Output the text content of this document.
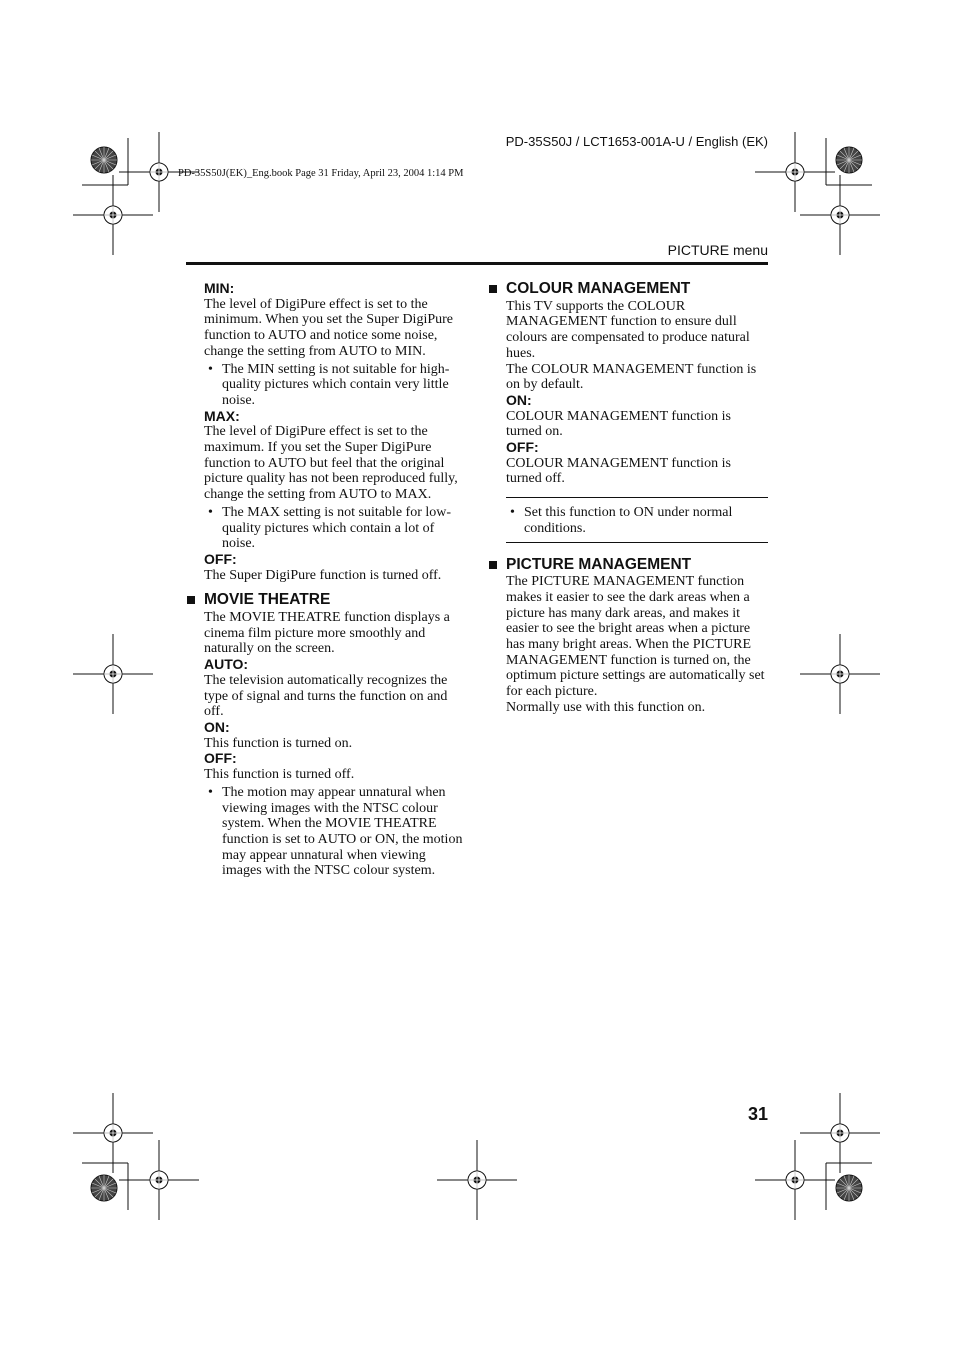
PD-35S50J / LCT1653-001A-U / English (EK)
PD-35S50J(EK)_Eng.book Page 31 Friday, April 23, 2004 1:14 PM
PICTURE menu

MIN:

The level of DigiPure effect is set to the minimum. When you set the Super DigiPure function to AUTO and notice some noise, change the setting from AUTO to MIN.

• The MIN setting is not suitable for high-quality pictures which contain very little noise.

MAX:

The level of DigiPure effect is set to the maximum. If you set the Super DigiPure function to AUTO but feel that the original picture quality has not been reproduced fully, change the setting from AUTO to MAX.

• The MAX setting is not suitable for low-quality pictures which contain a lot of noise.

OFF:

The Super DigiPure function is turned off.

MOVIE THEATRE

The MOVIE THEATRE function displays a cinema film picture more smoothly and naturally on the screen.

AUTO:

The television automatically recognizes the type of signal and turns the function on and off.

ON:

This function is turned on.

OFF:

This function is turned off.

• The motion may appear unnatural when viewing images with the NTSC colour system. When the MOVIE THEATRE function is set to AUTO or ON, the motion may appear unnatural when viewing images with the NTSC colour system.
COLOUR MANAGEMENT

This TV supports the COLOUR MANAGEMENT function to ensure dull colours are compensated to produce natural hues.

The COLOUR MANAGEMENT function is on by default.

ON:

COLOUR MANAGEMENT function is turned on.

OFF:

COLOUR MANAGEMENT function is turned off.

• Set this function to ON under normal conditions.
PICTURE MANAGEMENT

The PICTURE MANAGEMENT function makes it easier to see the dark areas when a picture has many dark areas, and makes it easier to see the bright areas when a picture has many bright areas. When the PICTURE MANAGEMENT function is turned on, the optimum picture settings are automatically set for each picture.

Normally use with this function on.

31
